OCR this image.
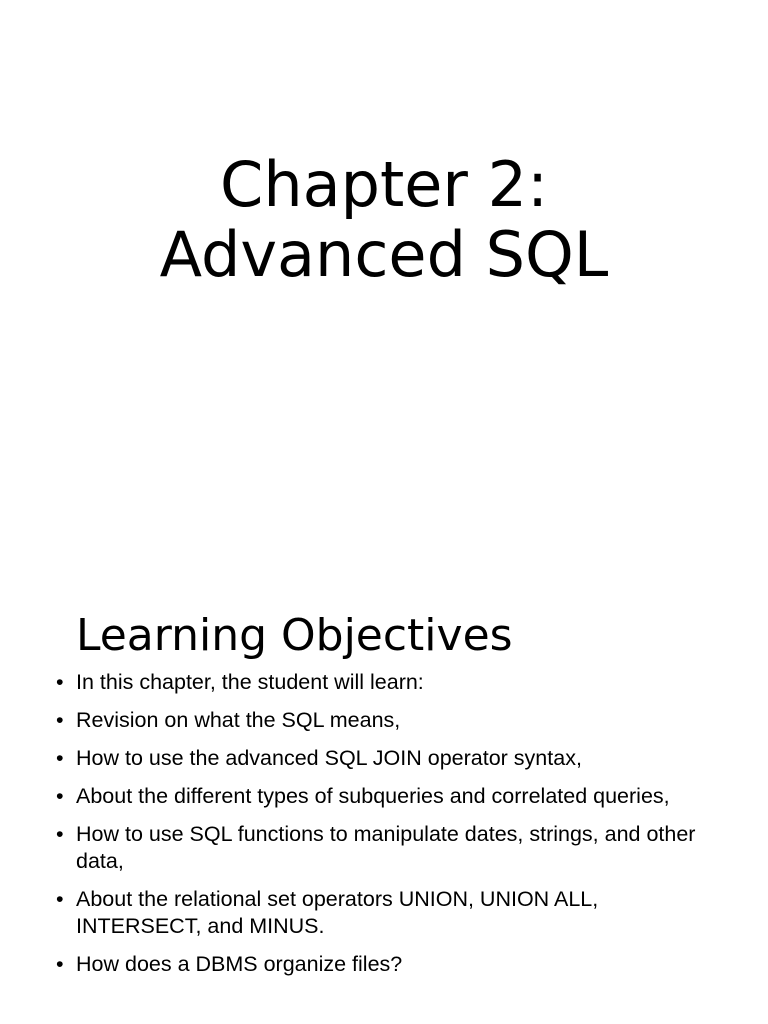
Chapter 2:
Advanced SQL
Learning Objectives
• In this chapter, the student will learn:
• Revision on what the SQL means,
• How to use the advanced SQL JOIN operator syntax,
• About the different types of subqueries and correlated queries,
• How to use SQL functions to manipulate dates, strings, and other data,
• About the relational set operators UNION, UNION ALL, INTERSECT, and MINUS.
• How does a DBMS organize files?
